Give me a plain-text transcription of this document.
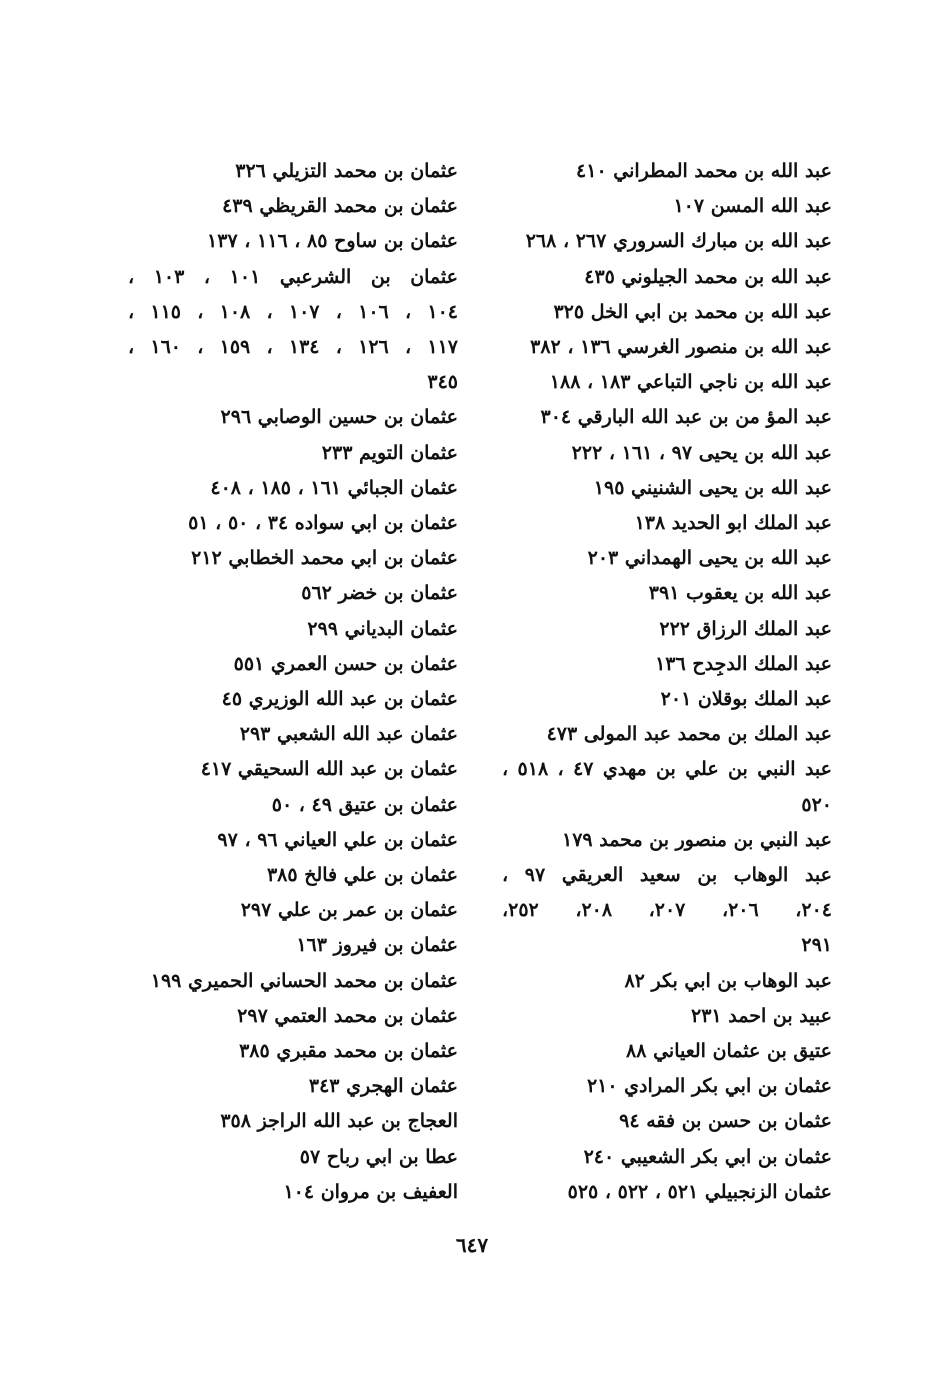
عبد الله بن محمد المطراني ٤١٠
عبد الله المسن ١٠٧
عبد الله بن مبارك السروري ٢٦٧ ، ٢٦٨
عبد الله بن محمد الجيلوني ٤٣٥
عبد الله بن محمد بن ابي الخل ٣٢٥
عبد الله بن منصور الغرسي ١٣٦ ، ٣٨٢
عبد الله بن ناجي التباعي ١٨٣ ، ١٨٨
عبد المؤ من بن عبد الله البارقي ٣٠٤
عبد الله بن يحيى ٩٧ ، ١٦١ ، ٢٢٢
عبد الله بن يحيى الشنيني ١٩٥
عبد الملك ابو الحديد ١٣٨
عبد الله بن يحيى الهمداني ٢٠٣
عبد الله بن يعقوب ٣٩١
عبد الملك الرزاق ٢٢٢
عبد الملك الدجِدح ١٣٦
عبد الملك بوقلان ٢٠١
عبد الملك بن محمد عبد المولى ٤٧٣
عبد النبي بن علي بن مهدي ٤٧ ، ٥١٨ ،
٥٢٠
عبد النبي بن منصور بن محمد ١٧٩
عبد الوهاب بن سعيد العريقي ٩٧ ،
٢٠٤، ٢٠٦، ٢٠٧، ٢٠٨، ٢٥٢،
٢٩١
عبد الوهاب بن ابي بكر ٨٢
عبيد بن احمد ٢٣١
عتيق بن عثمان العياني ٨٨
عثمان بن ابي بكر المرادي ٢١٠
عثمان بن حسن بن فقه ٩٤
عثمان بن ابي بكر الشعيبي ٢٤٠
عثمان الزنجبيلي ٥٢١ ، ٥٢٢ ، ٥٢٥
عثمان بن محمد التزيلي ٣٢٦
عثمان بن محمد القريظي ٤٣٩
عثمان بن ساوح ٨٥ ، ١١٦ ، ١٣٧
عثمان بن الشرعبي ١٠١ ، ١٠٣ ،
١٠٤ ، ١٠٦ ، ١٠٧ ، ١٠٨ ، ١١٥ ،
١١٧ ، ١٢٦ ، ١٣٤ ، ١٥٩ ، ١٦٠ ،
٣٤٥
عثمان بن حسين الوصابي ٢٩٦
عثمان التويم ٢٣٣
عثمان الجبائي ١٦١ ، ١٨٥ ، ٤٠٨
عثمان بن ابي سواده ٣٤ ، ٥٠ ، ٥١
عثمان بن ابي محمد الخطابي ٢١٢
عثمان بن خضر ٥٦٢
عثمان البدياني ٢٩٩
عثمان بن حسن العمري ٥٥١
عثمان بن عبد الله الوزيري ٤٥
عثمان عبد الله الشعبي ٢٩٣
عثمان بن عبد الله السحيقي ٤١٧
عثمان بن عتيق ٤٩ ، ٥٠
عثمان بن علي العياني ٩٦ ، ٩٧
عثمان بن علي فالخ ٣٨٥
عثمان بن عمر بن علي ٢٩٧
عثمان بن فيروز ١٦٣
عثمان بن محمد الحساني الحميري ١٩٩
عثمان بن محمد العتمي ٢٩٧
عثمان بن محمد مقبري ٣٨٥
عثمان الهجري ٣٤٣
العجاج بن عبد الله الراجز ٣٥٨
عطا بن ابي رباح ٥٧
العفيف بن مروان ١٠٤
٦٤٧
